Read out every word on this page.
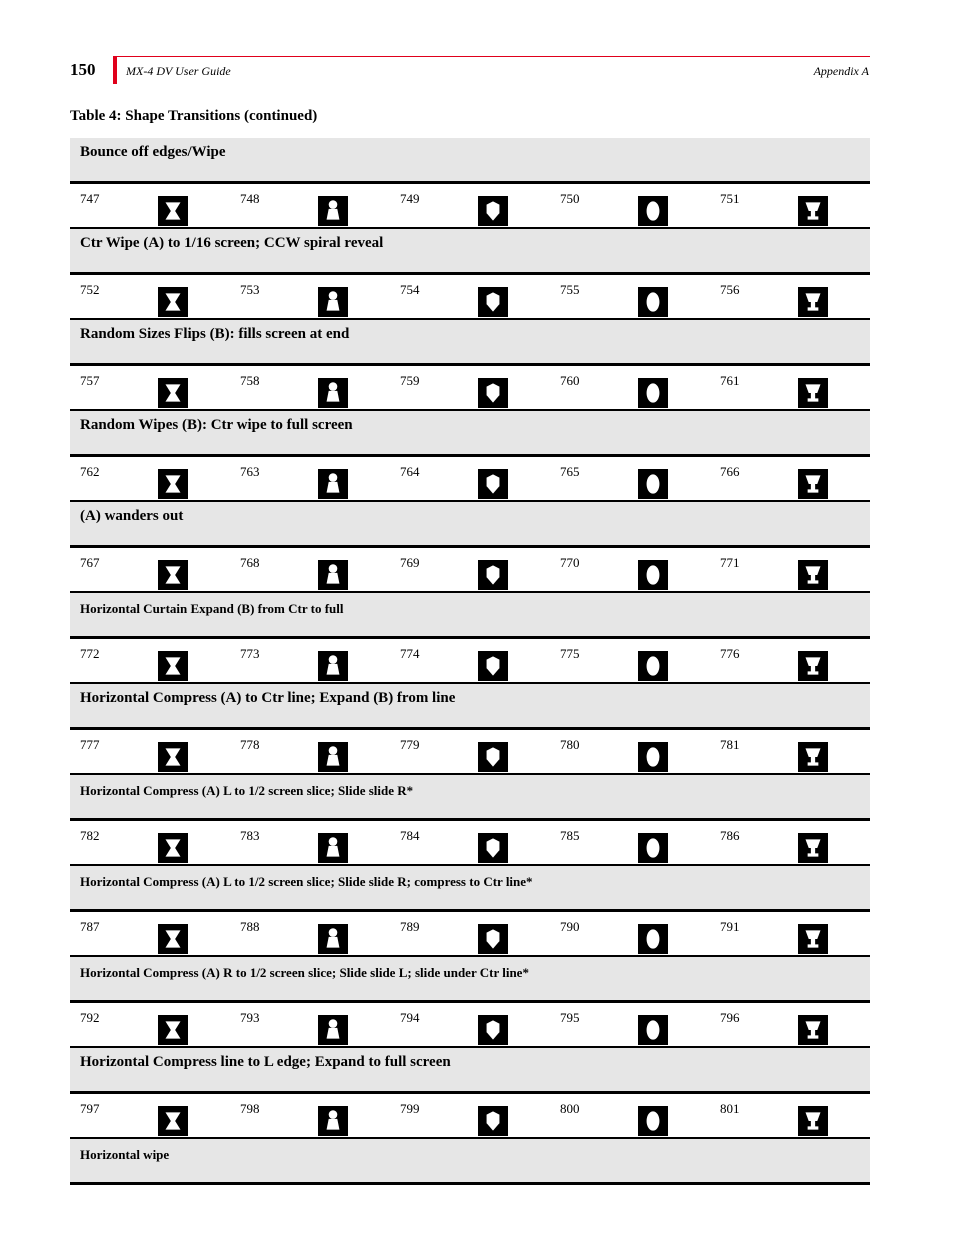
150	MX-4 DV User Guide	Appendix A
Table 4: Shape Transitions (continued)
Bounce off edges/Wipe
747	748	749	750	751
Ctr Wipe (A) to 1/16 screen; CCW spiral reveal
752	753	754	755	756
Random Sizes Flips (B): fills screen at end
757	758	759	760	761
Random Wipes (B): Ctr wipe to full screen
762	763	764	765	766
(A) wanders out
767	768	769	770	771
Horizontal Curtain Expand (B) from Ctr to full
772	773	774	775	776
Horizontal Compress (A) to Ctr line; Expand (B) from line
777	778	779	780	781
Horizontal Compress (A) L to 1/2 screen slice; Slide slide R*
782	783	784	785	786
Horizontal Compress (A) L to 1/2 screen slice; Slide slide R; compress to Ctr line*
787	788	789	790	791
Horizontal Compress (A) R to 1/2 screen slice; Slide slide L; slide under Ctr line*
792	793	794	795	796
Horizontal Compress line to L edge; Expand to full screen
797	798	799	800	801
Horizontal wipe
